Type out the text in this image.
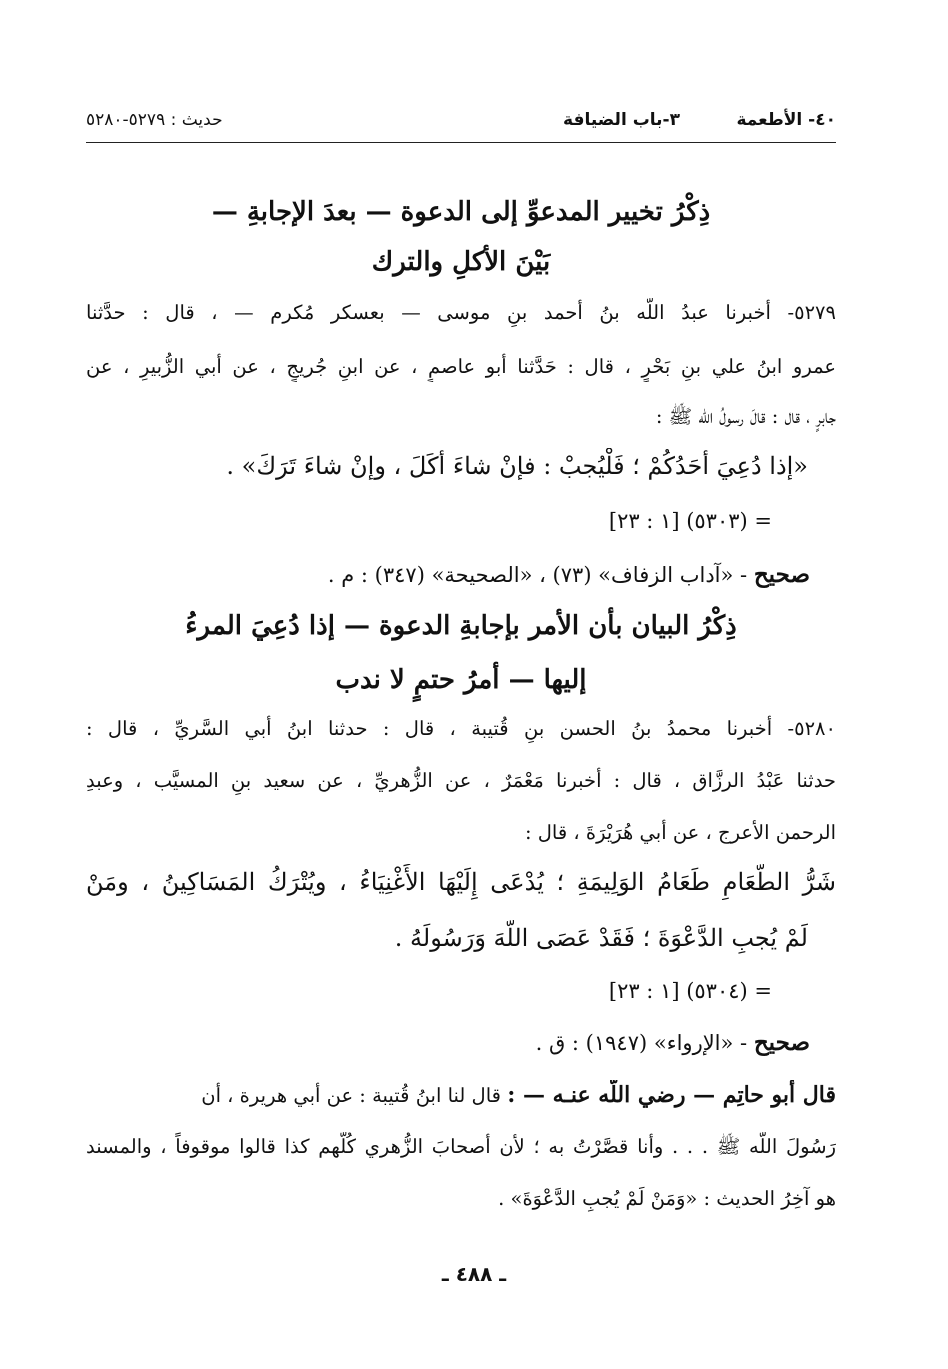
٤٠- الأطعمة
٣-باب الضيافة
حديث : ٥٢٧٩-٥٢٨٠
ذِكْرُ تخيير المدعوِّ إلى الدعوة — بعدَ الإجابةِ —
بَيْنَ الأكلِ والترك
٥٢٧٩- أخبرنا عبدُ اللّه بنُ أحمد بنِ موسى — بعسكر مُكرم — ، قال : حدَّثنا
عمرو ابنُ علي بنِ بَحْرٍ ، قال : حَدَّثنا أبو عاصمٍ ، عن ابنِ جُريجٍ ، عن أبي الزُّبيرِ ، عن
جابرٍ ، قال : قالَ رسولُ اللّه ﷺ :
«إذا دُعِيَ أحَدُكُمْ ؛ فَلْيُجبْ : فإنْ شاءَ أكَلَ ، وإنْ شاءَ تَرَكَ» .
= (٥٣٠٣) [١ : ٢٣]
صحيح - «آداب الزفاف» (٧٣) ، «الصحيحة» (٣٤٧) : م .
ذِكْرُ البيان بأن الأمر بإجابةِ الدعوة — إذا دُعِيَ المرءُ
إليها — أمرُ حتمٍ لا ندب
٥٢٨٠- أخبرنا محمدُ بنُ الحسن بنِ قُتيبة ، قال : حدثنا ابنُ أبي السَّريِّ ، قال :
حدثنا عَبْدُ الرزَّاق ، قال : أخبرنا مَعْمَرٌ ، عن الزُّهريِّ ، عن سعيد بنِ المسيَّب ، وعبدِ
الرحمن الأعرج ، عن أبي هُرَيْرَةَ ، قال :
شَرُّ الطَّعَامِ طَعَامُ الوَلِيمَةِ ؛ يُدْعَى إِلَيْهَا الأَغْنِيَاءُ ، ويُتْرَكُ المَسَاكِينُ ، ومَنْ
لَمْ يُجبِ الدَّعْوَةَ ؛ فَقَدْ عَصَى اللّهَ وَرَسُولَهُ .
= (٥٣٠٤) [١ : ٢٣]
صحيح - «الإرواء» (١٩٤٧) : ق .
قال أبو حاتِم — رضي اللّه عنـه — : قال لنا ابنُ قُتيبة : عن أبي هريرة ، أن
رَسُولَ اللّه ﷺ . . . وأنا قصَّرْتُ به ؛ لأن أصحابَ الزُّهري كُلَّهم كذا قالوا موقوفاً ، والمسند
هو آخِرُ الحديث : «وَمَنْ لَمْ يُجبِ الدَّعْوَةَ» .
ـ ٤٨٨ ـ
